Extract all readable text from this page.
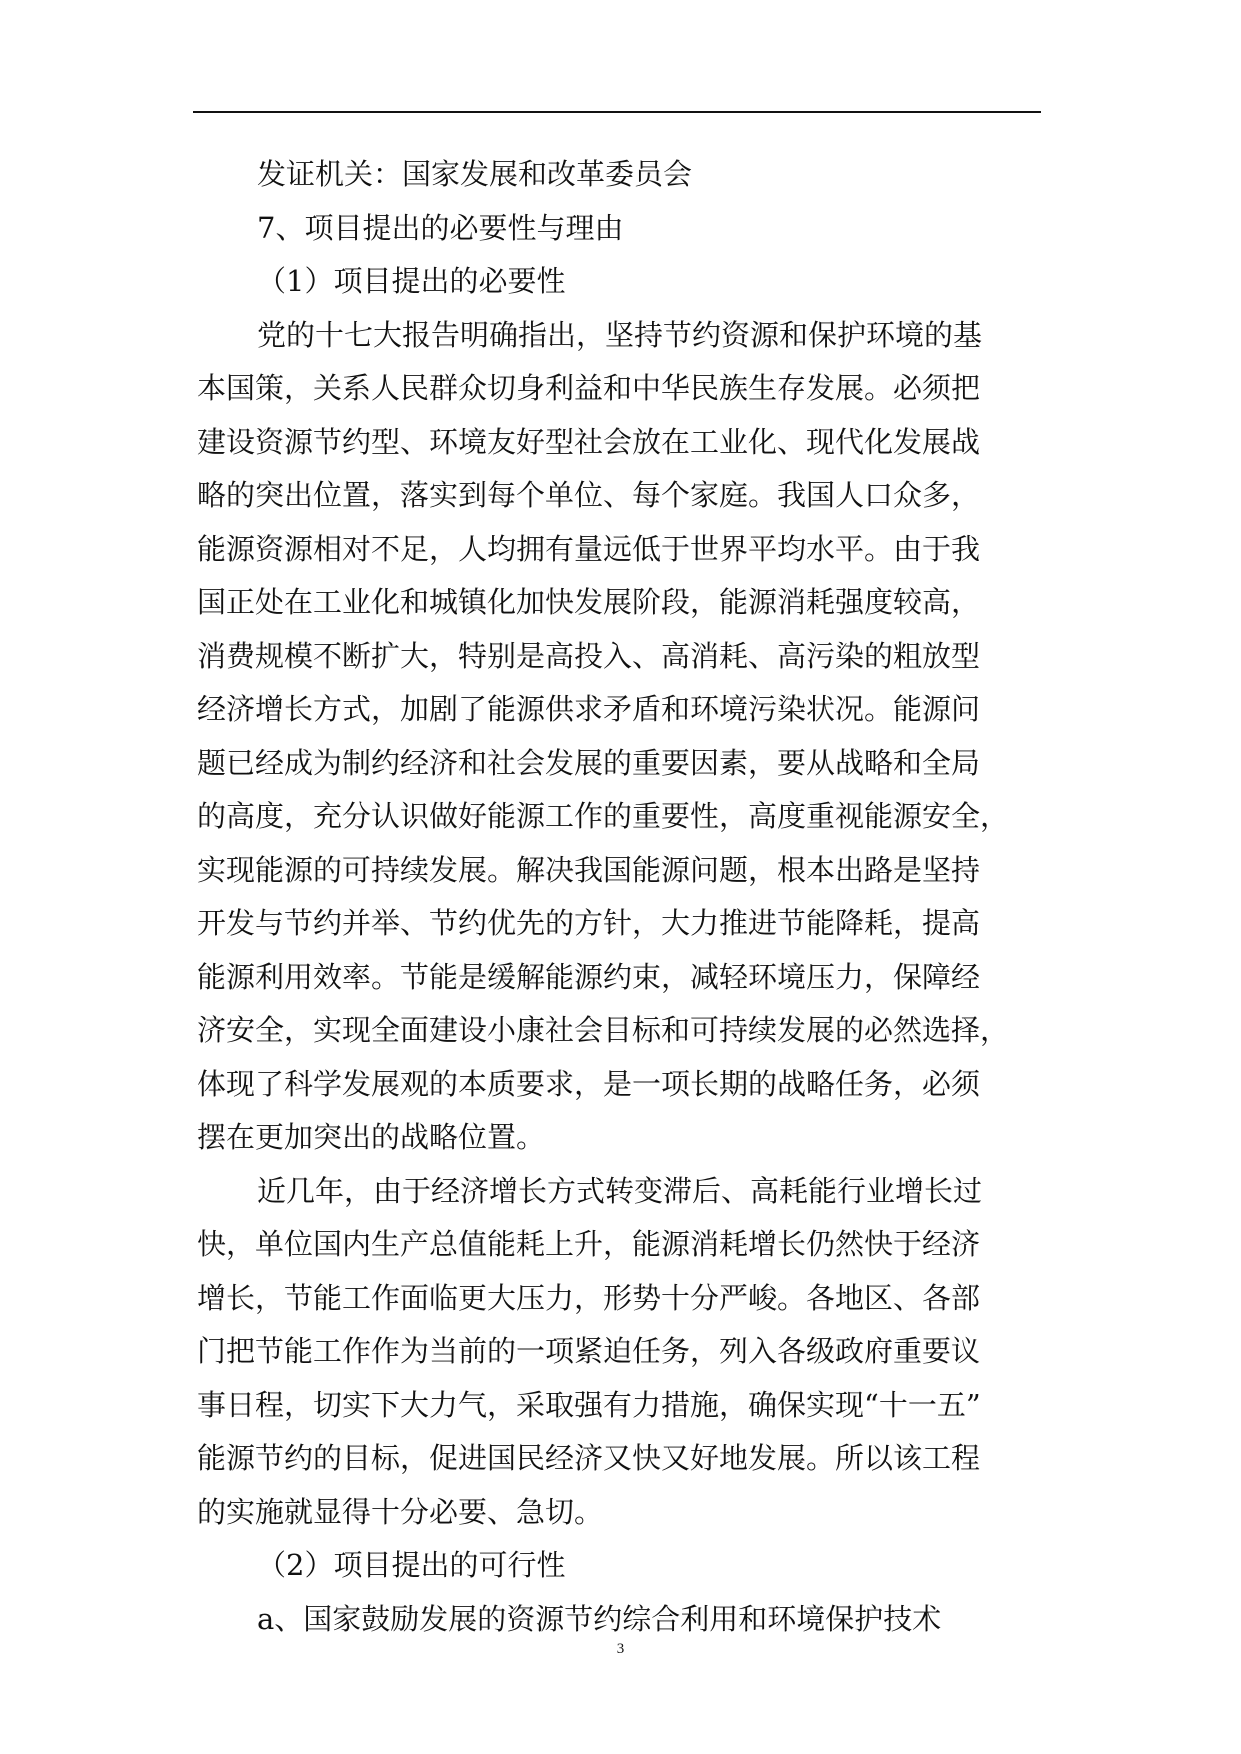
发证机关：国家发展和改革委员会
7、项目提出的必要性与理由
（1）项目提出的必要性
党的十七大报告明确指出，坚持节约资源和保护环境的基
本国策，关系人民群众切身利益和中华民族生存发展。必须把
建设资源节约型、环境友好型社会放在工业化、现代化发展战
略的突出位置，落实到每个单位、每个家庭。我国人口众多，
能源资源相对不足，人均拥有量远低于世界平均水平。由于我
国正处在工业化和城镇化加快发展阶段，能源消耗强度较高，
消费规模不断扩大，特别是高投入、高消耗、高污染的粗放型
经济增长方式，加剧了能源供求矛盾和环境污染状况。能源问
题已经成为制约经济和社会发展的重要因素，要从战略和全局
的高度，充分认识做好能源工作的重要性，高度重视能源安全，
实现能源的可持续发展。解决我国能源问题，根本出路是坚持
开发与节约并举、节约优先的方针，大力推进节能降耗，提高
能源利用效率。节能是缓解能源约束，减轻环境压力，保障经
济安全，实现全面建设小康社会目标和可持续发展的必然选择，
体现了科学发展观的本质要求，是一项长期的战略任务，必须
摆在更加突出的战略位置。
近几年，由于经济增长方式转变滞后、高耗能行业增长过
快，单位国内生产总值能耗上升，能源消耗增长仍然快于经济
增长，节能工作面临更大压力，形势十分严峻。各地区、各部
门把节能工作作为当前的一项紧迫任务，列入各级政府重要议
事日程，切实下大力气，采取强有力措施，确保实现“十一五”
能源节约的目标，促进国民经济又快又好地发展。所以该工程
的实施就显得十分必要、急切。
（2）项目提出的可行性
a、国家鼓励发展的资源节约综合利用和环境保护技术
3
